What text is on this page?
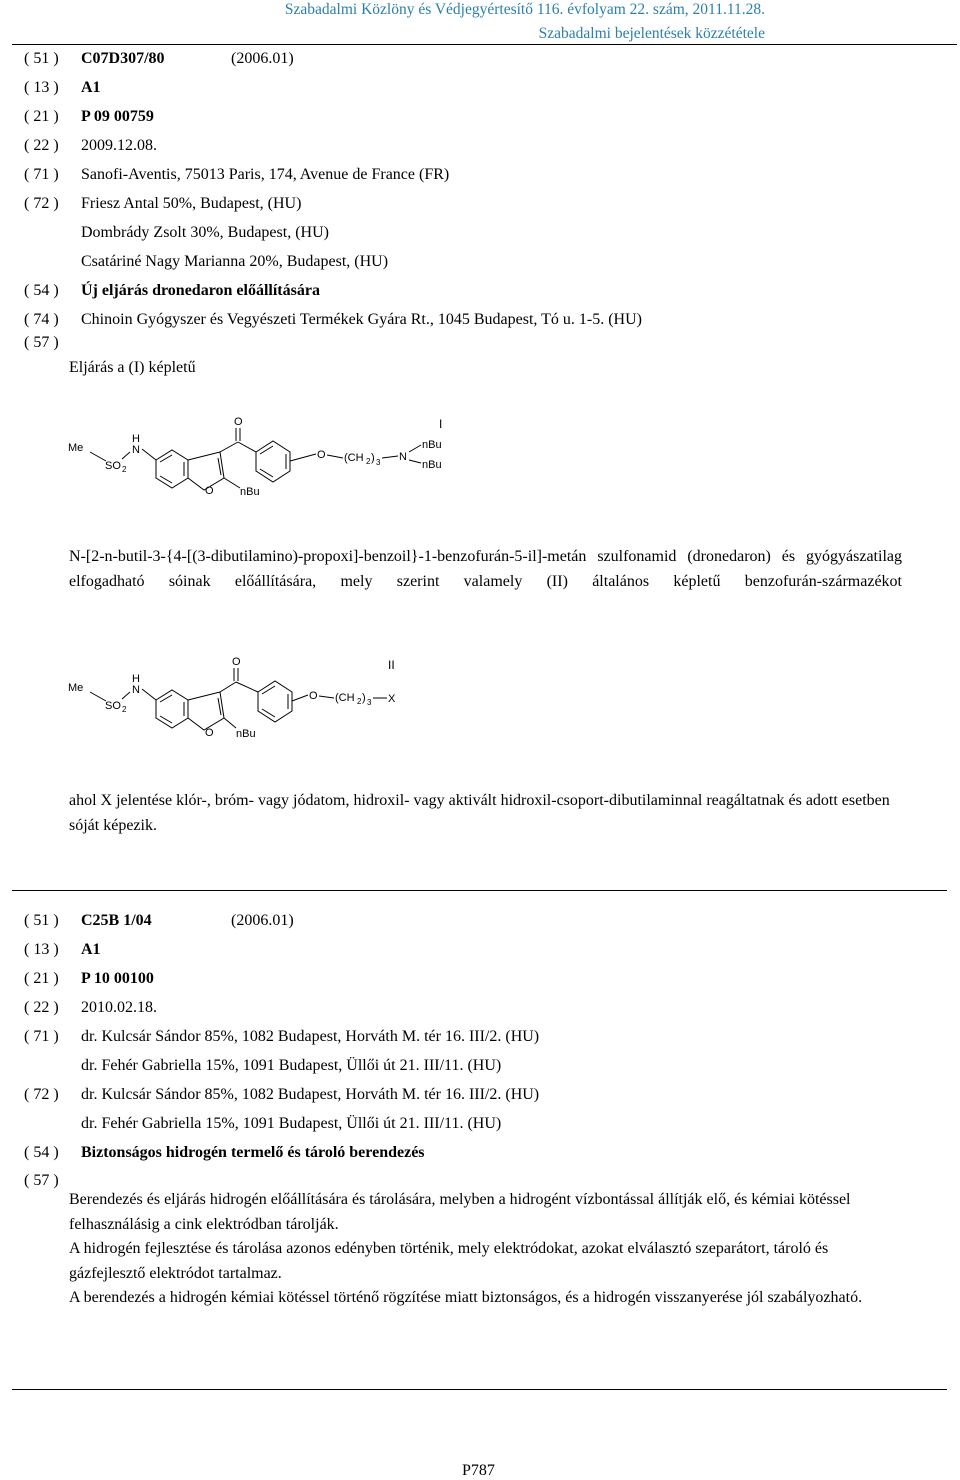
Szabadalmi Közlöny és Védjegyértesítő 116. évfolyam 22. szám, 2011.11.28.
Szabadalmi bejelentések közzététele
( 51 )	C07D307/80	(2006.01)
( 13 )	A1
( 21 )	P 09 00759
( 22 )	2009.12.08.
( 71 )	Sanofi-Aventis, 75013 Paris, 174, Avenue de France (FR)
( 72 )	Friesz Antal 50%, Budapest, (HU)
Dombrády Zsolt 30%, Budapest, (HU)
Csatáriné Nagy Marianna 20%, Budapest, (HU)
( 54 )	Új eljárás dronedaron előállítására
( 74 )	Chinoin Gyógyszer és Vegyészeti Termékek Gyára Rt., 1045 Budapest, Tó u. 1-5. (HU)
( 57 )
Eljárás a (I) képletű
I
Me
SO 2
H
N
O nBu
O
O (CH 2 ) 3 N
nBu
nBu
N-[2-n-butil-3-{4-[(3-dibutilamino)-propoxi]-benzoil}-1-benzofurán-5-il]-metán szulfonamid (dronedaron) és gyógyászatilag elfogadható sóinak előállítására, mely szerint valamely (II) általános képletű benzofurán-származékot
II
Me
SO 2
H
N
O nBu
O
O (CH 2 ) 3 X
ahol X jelentése klór-, bróm- vagy jódatom, hidroxil- vagy aktivált hidroxil-csoport-dibutilaminnal reagáltatnak és adott esetben sóját képezik.
( 51 )	C25B 1/04	(2006.01)
( 13 )	A1
( 21 )	P 10 00100
( 22 )	2010.02.18.
( 71 )	dr. Kulcsár Sándor 85%, 1082 Budapest, Horváth M. tér 16. III/2. (HU)
dr. Fehér Gabriella 15%, 1091 Budapest, Üllői út 21. III/11. (HU)
( 72 )	dr. Kulcsár Sándor 85%, 1082 Budapest, Horváth M. tér 16. III/2. (HU)
dr. Fehér Gabriella 15%, 1091 Budapest, Üllői út 21. III/11. (HU)
( 54 )	Biztonságos hidrogén termelő és tároló berendezés
( 57 )
Berendezés és eljárás hidrogén előállítására és tárolására, melyben a hidrogént vízbontással állítják elő, és kémiai kötéssel felhasználásig a cink elektródban tárolják.
A hidrogén fejlesztése és tárolása azonos edényben történik, mely elektródokat, azokat elválasztó szeparátort, tároló és gázfejlesztő elektródot tartalmaz.
A berendezés a hidrogén kémiai kötéssel történő rögzítése miatt biztonságos, és a hidrogén visszanyerése jól szabályozható.
P787
